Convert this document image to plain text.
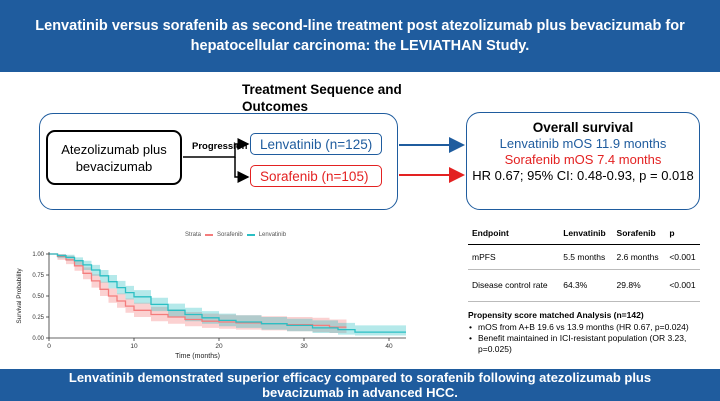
Lenvatinib versus sorafenib as second-line treatment post atezolizumab plus bevacizumab for hepatocellular carcinoma: the LEVIATHAN Study.
Treatment Sequence and Outcomes
Atezolizumab plus bevacizumab
Progression Lenvatinib (n=125)
Sorafenib (n=105)
Overall survival
Lenvatinib mOS 11.9 months
Sorafenib mOS 7.4 months
HR 0.67; 95% CI: 0.48-0.93, p = 0.018
Strata	Sorafenib	Lenvatinib
0.00
0.25
0.50
0.75
1.00
0	10	20	30	40
Time (months)
Survival Probability
Endpoint	Lenvatinib	Sorafenib	p
mPFS	5.5 months	2.6 months	<0.001
Disease control rate	64.3%	29.8%	<0.001
Propensity score matched Analysis (n=142)
• mOS from A+B 19.6 vs 13.9 months (HR 0.67, p=0.024)
• Benefit maintained in ICI-resistant population (OR 3.23, p=0.025)
Lenvatinib demonstrated superior efficacy compared to sorafenib following atezolizumab plus bevacizumab in advanced HCC.
